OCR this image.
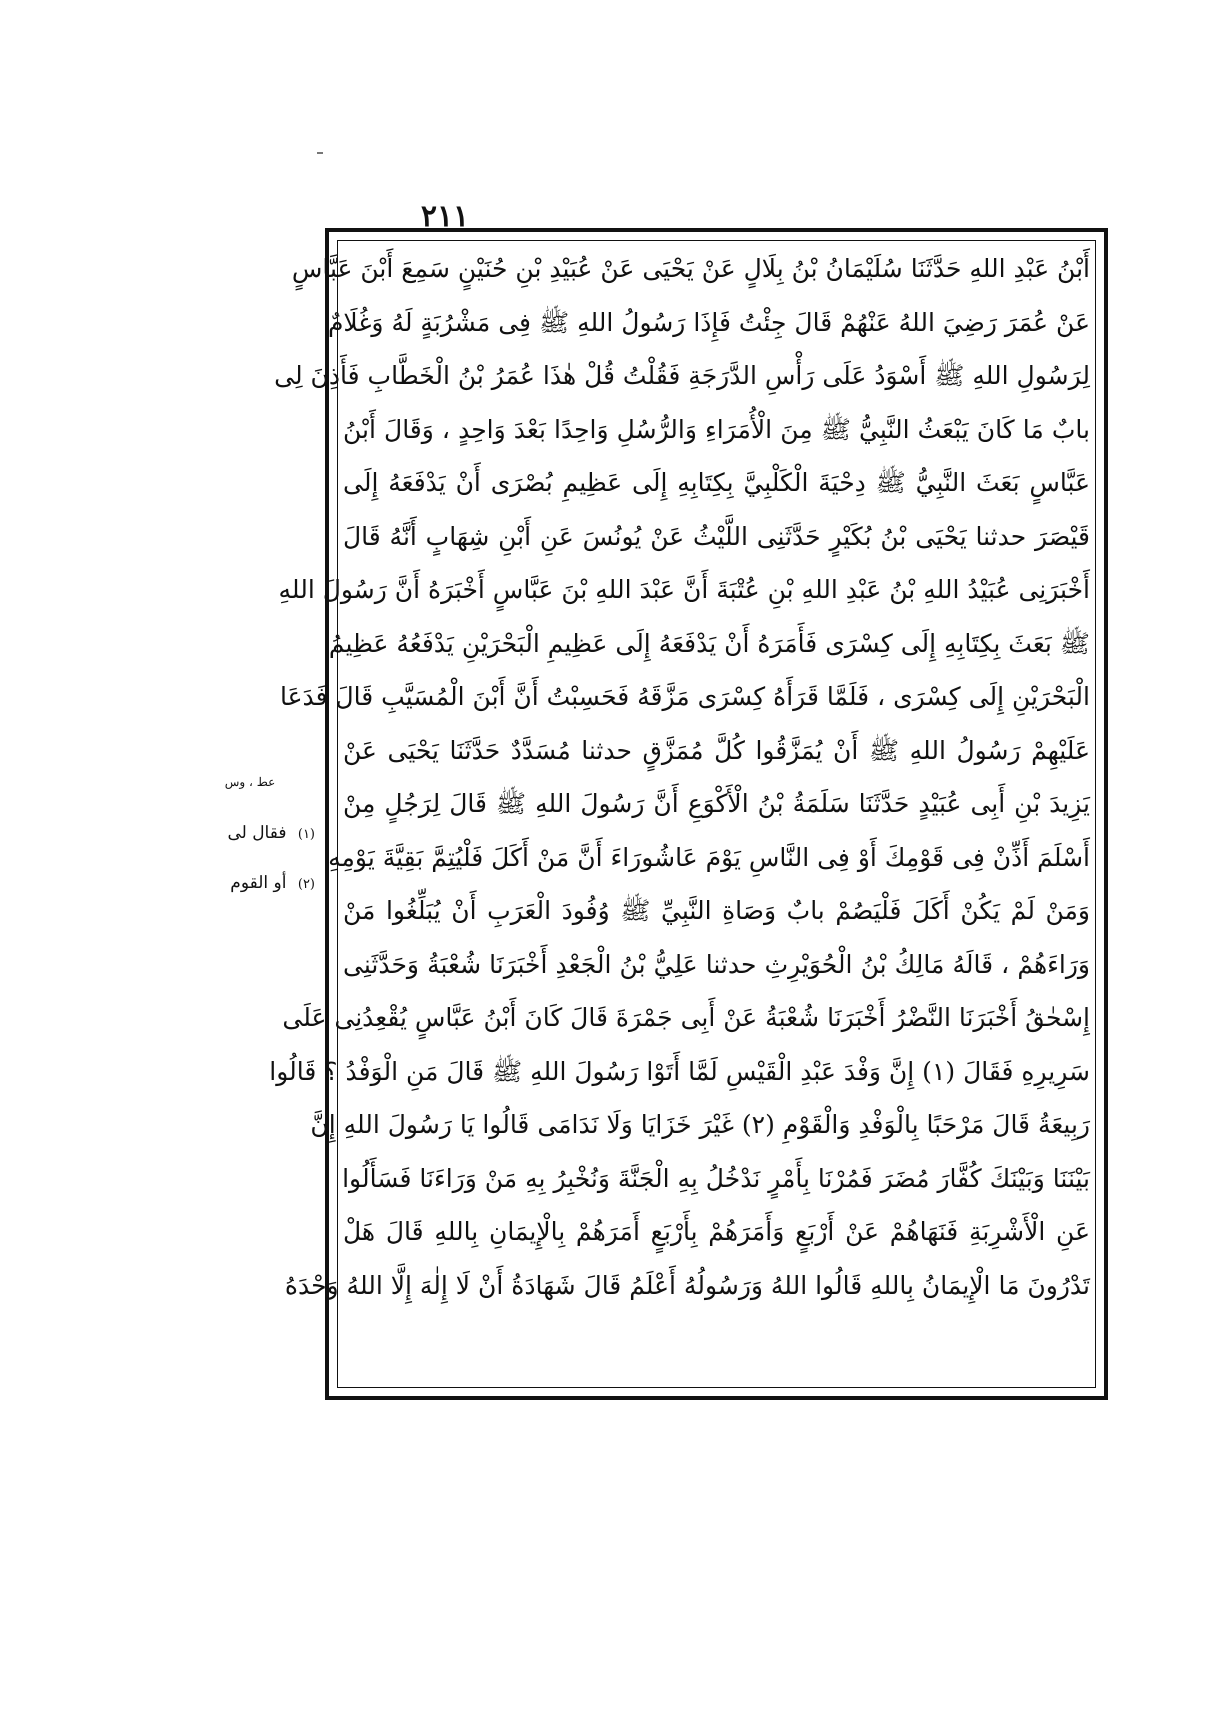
٢١١
أَبْنُ عَبْدِ اللهِ حَدَّثَنَا سُلَيْمَانُ بْنُ بِلَالٍ عَنْ يَحْيَى عَنْ عُبَيْدِ بْنِ حُنَيْنٍ سَمِعَ أَبْنَ عَبَّاسٍ
عَنْ عُمَرَ رَضِيَ اللهُ عَنْهُمْ قَالَ جِئْتُ فَإِذَا رَسُولُ اللهِ ﷺ فِى مَشْرُبَةٍ لَهُ وَغُلَامٌ
لِرَسُولِ اللهِ ﷺ أَسْوَدُ عَلَى رَأْسِ الدَّرَجَةِ فَقُلْتُ قُلْ هٰذَا عُمَرُ بْنُ الْخَطَّابِ فَأَذِنَ لِى
بابٌ مَا كَانَ يَبْعَثُ النَّبِيُّ ﷺ مِنَ الْأُمَرَاءِ وَالرُّسُلِ وَاحِدًا بَعْدَ وَاحِدٍ ، وَقَالَ أَبْنُ
عَبَّاسٍ بَعَثَ النَّبِيُّ ﷺ دِحْيَةَ الْكَلْبِيَّ بِكِتَابِهِ إِلَى عَظِيمِ بُصْرَى أَنْ يَدْفَعَهُ إِلَى
قَيْصَرَ حدثنا يَحْيَى بْنُ بُكَيْرٍ حَدَّثَنِى اللَّيْثُ عَنْ يُونُسَ عَنِ أَبْنِ شِهَابٍ أَنَّهُ قَالَ
أَخْبَرَنِى عُبَيْدُ اللهِ بْنُ عَبْدِ اللهِ بْنِ عُتْبَةَ أَنَّ عَبْدَ اللهِ بْنَ عَبَّاسٍ أَخْبَرَهُ أَنَّ رَسُولَ اللهِ
ﷺ بَعَثَ بِكِتَابِهِ إِلَى كِسْرَى فَأَمَرَهُ أَنْ يَدْفَعَهُ إِلَى عَظِيمِ الْبَحْرَيْنِ يَدْفَعُهُ عَظِيمُ
الْبَحْرَيْنِ إِلَى كِسْرَى ، فَلَمَّا قَرَأَهُ كِسْرَى مَزَّقَهُ فَحَسِبْتُ أَنَّ أَبْنَ الْمُسَيَّبِ قَالَ فَدَعَا
عَلَيْهِمْ رَسُولُ اللهِ ﷺ أَنْ يُمَزَّقُوا كُلَّ مُمَزَّقٍ حدثنا مُسَدَّدٌ حَدَّثَنَا يَحْيَى عَنْ
يَزِيدَ بْنِ أَبِى عُبَيْدٍ حَدَّثَنَا سَلَمَةُ بْنُ الْأَكْوَعِ أَنَّ رَسُولَ اللهِ ﷺ قَالَ لِرَجُلٍ مِنْ
أَسْلَمَ أَذِّنْ فِى قَوْمِكَ أَوْ فِى النَّاسِ يَوْمَ عَاشُورَاءَ أَنَّ مَنْ أَكَلَ فَلْيُتِمَّ بَقِيَّةَ يَوْمِهِ
وَمَنْ لَمْ يَكُنْ أَكَلَ فَلْيَصُمْ بابٌ وَصَاةِ النَّبِيِّ ﷺ وُفُودَ الْعَرَبِ أَنْ يُبَلِّغُوا مَنْ
وَرَاءَهُمْ ، قَالَهُ مَالِكُ بْنُ الْحُوَيْرِثِ حدثنا عَلِيُّ بْنُ الْجَعْدِ أَخْبَرَنَا شُعْبَةُ وَحَدَّثَنِى
إِسْحٰقُ أَخْبَرَنَا النَّضْرُ أَخْبَرَنَا شُعْبَةُ عَنْ أَبِى جَمْرَةَ قَالَ كَانَ أَبْنُ عَبَّاسٍ يُقْعِدُنِى عَلَى
سَرِيرِهِ فَقَالَ (١) إِنَّ وَفْدَ عَبْدِ الْقَيْسِ لَمَّا أَتَوْا رَسُولَ اللهِ ﷺ قَالَ مَنِ الْوَفْدُ ؟ قَالُوا
رَبِيعَةُ قَالَ مَرْحَبًا بِالْوَفْدِ وَالْقَوْمِ (٢) غَيْرَ خَزَايَا وَلَا نَدَامَى قَالُوا يَا رَسُولَ اللهِ إِنَّ
بَيْنَنَا وَبَيْنَكَ كُفَّارَ مُضَرَ فَمُرْنَا بِأَمْرٍ نَدْخُلُ بِهِ الْجَنَّةَ وَنُخْبِرُ بِهِ مَنْ وَرَاءَنَا فَسَأَلُوا
عَنِ الْأَشْرِبَةِ فَنَهَاهُمْ عَنْ أَرْبَعٍ وَأَمَرَهُمْ بِأَرْبَعٍ أَمَرَهُمْ بِالْإِيمَانِ بِاللهِ قَالَ هَلْ
تَدْرُونَ مَا الْإِيمَانُ بِاللهِ قَالُوا اللهُ وَرَسُولُهُ أَعْلَمُ قَالَ شَهَادَةُ أَنْ لَا إِلٰهَ إِلَّا اللهُ وَحْدَهُ
عط ، وس
(١) فقال لى
(٢) أو القوم
